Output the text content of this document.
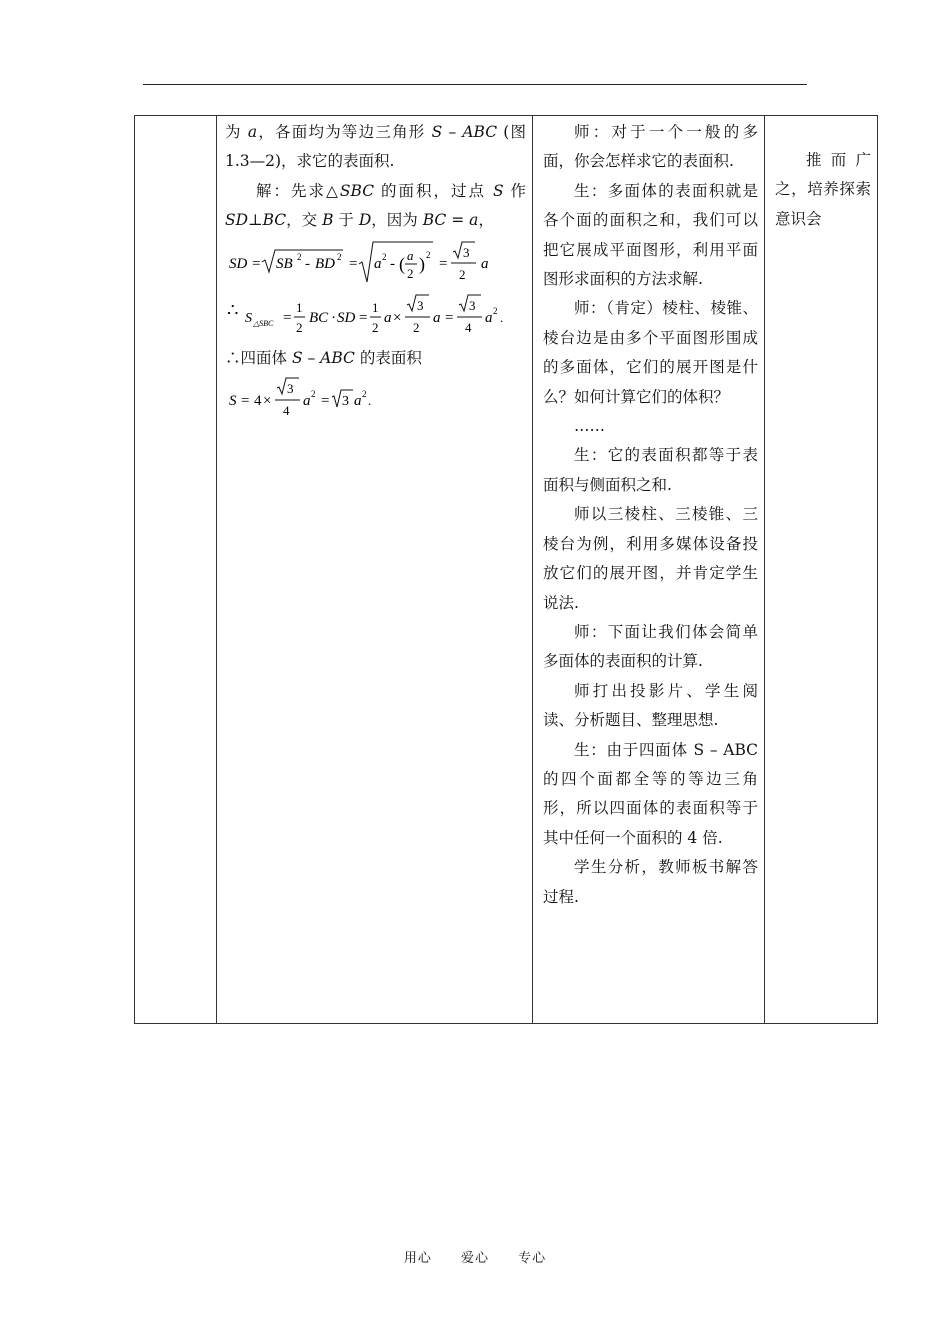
为 a，各面均为等边三角形 S – ABC (图 1.3—2)，求它的表面积.

解：先求△SBC 的面积，过点 S 作 SD⊥BC，交 B 于 D，因为 BC = a，

SD = SB 2 - BD 2 = a 2 - ( a
2 ) 2
=
3
2
a
∴ S △SBC =
1
2
BC · SD =
1
2
a ×
3
2
a =
3
4
a 2 .

∴四面体 S – ABC 的表面积

S = 4 ×
3
4
a 2 = 3 a 2 .

师：对于一个一般的多面，你会怎样求它的表面积.

生：多面体的表面积就是各个面的面积之和，我们可以把它展成平面图形，利用平面图形求面积的方法求解.

师：（肯定）棱柱、棱锥、棱台边是由多个平面图形围成的多面体，它们的展开图是什么？如何计算它们的体积？

……

生：它的表面积都等于表面积与侧面积之和.

师以三棱柱、三棱锥、三棱台为例，利用多媒体设备投放它们的展开图，并肯定学生说法.

师：下面让我们体会简单多面体的表面积的计算.

师打出投影片、学生阅读、分析题目、整理思想.

生：由于四面体 S – ABC 的四个面都全等的等边三角形，所以四面体的表面积等于其中任何一个面积的 4 倍.

学生分析，教师板书解答过程.

推而广之，培养探索意识会

用心 爱心 专心
